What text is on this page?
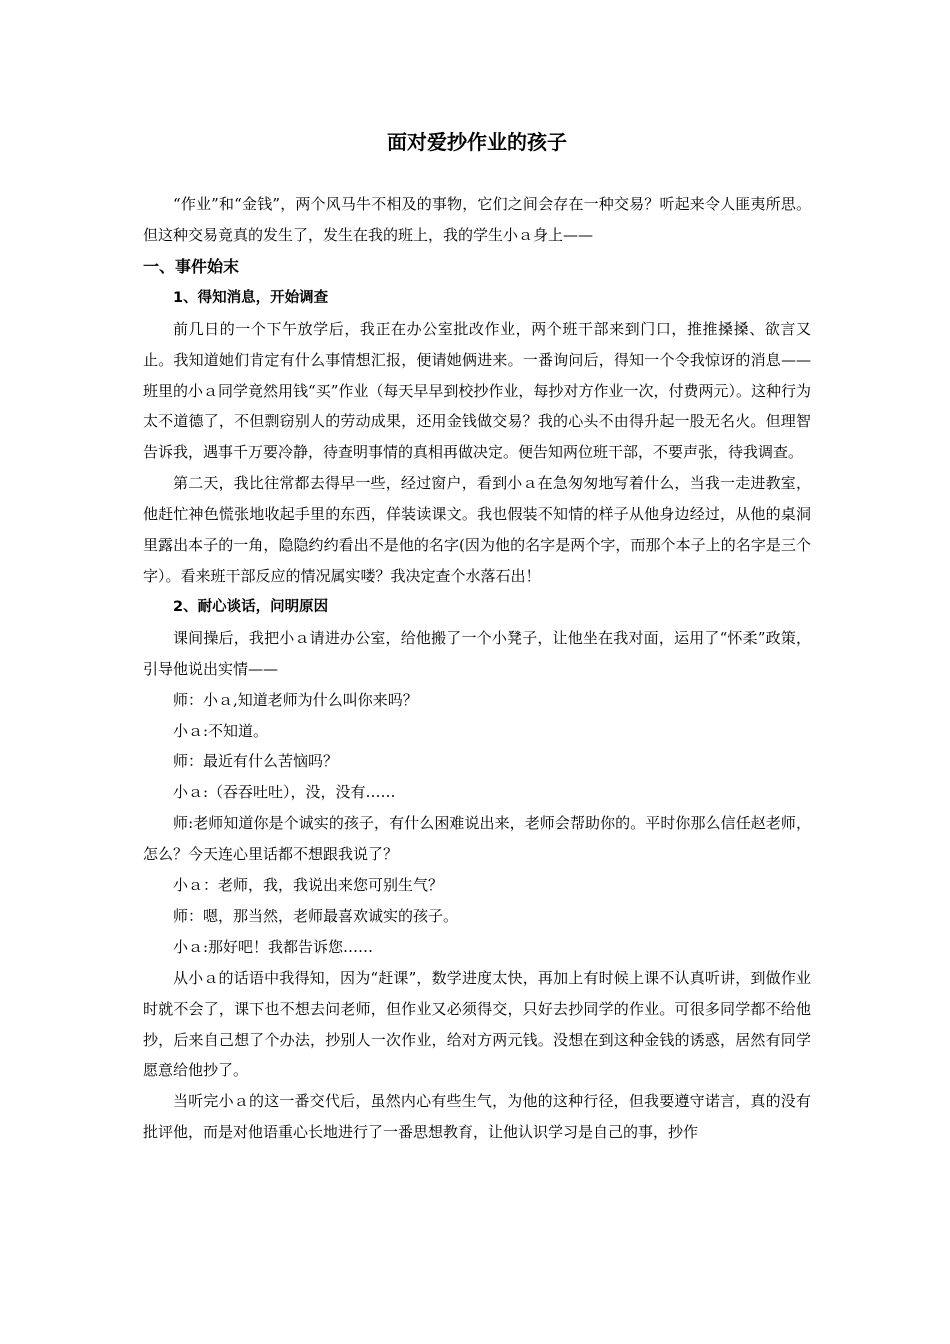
面对爱抄作业的孩子

“作业”和“金钱”，两个风马牛不相及的事物，它们之间会存在一种交易？听起来令人匪夷所思。但这种交易竟真的发生了，发生在我的班上，我的学生小ａ身上——

一、事件始末
1、得知消息，开始调查

前几日的一个下午放学后，我正在办公室批改作业，两个班干部来到门口，推推搡搡、欲言又止。我知道她们肯定有什么事情想汇报，便请她俩进来。一番询问后，得知一个令我惊讶的消息——班里的小ａ同学竟然用钱“买”作业（每天早早到校抄作业，每抄对方作业一次，付费两元）。这种行为太不道德了，不但剽窃别人的劳动成果，还用金钱做交易？我的心头不由得升起一股无名火。但理智告诉我，遇事千万要冷静，待查明事情的真相再做决定。便告知两位班干部，不要声张，待我调查。

第二天，我比往常都去得早一些，经过窗户，看到小ａ在急匆匆地写着什么，当我一走进教室，他赶忙神色慌张地收起手里的东西，佯装读课文。我也假装不知情的样子从他身边经过，从他的桌洞里露出本子的一角，隐隐约约看出不是他的名字(因为他的名字是两个字，而那个本子上的名字是三个字）。看来班干部反应的情况属实喽？我决定查个水落石出！

2、耐心谈话，问明原因

课间操后，我把小ａ请进办公室，给他搬了一个小凳子，让他坐在我对面，运用了“怀柔”政策，引导他说出实情——

师：小ａ,知道老师为什么叫你来吗？

小ａ:不知道。

师：最近有什么苦恼吗？

小ａ:（吞吞吐吐），没，没有……

师:老师知道你是个诚实的孩子，有什么困难说出来，老师会帮助你的。平时你那么信任赵老师，怎么？今天连心里话都不想跟我说了？

小ａ：老师，我，我说出来您可别生气？

师：嗯，那当然，老师最喜欢诚实的孩子。

小ａ:那好吧！我都告诉您……

从小ａ的话语中我得知，因为“赶课”，数学进度太快，再加上有时候上课不认真听讲，到做作业时就不会了，课下也不想去问老师，但作业又必须得交，只好去抄同学的作业。可很多同学都不给他抄，后来自己想了个办法，抄别人一次作业，给对方两元钱。没想在到这种金钱的诱惑，居然有同学愿意给他抄了。

当听完小ａ的这一番交代后，虽然内心有些生气，为他的这种行径，但我要遵守诺言，真的没有批评他，而是对他语重心长地进行了一番思想教育，让他认识学习是自己的事，抄作
